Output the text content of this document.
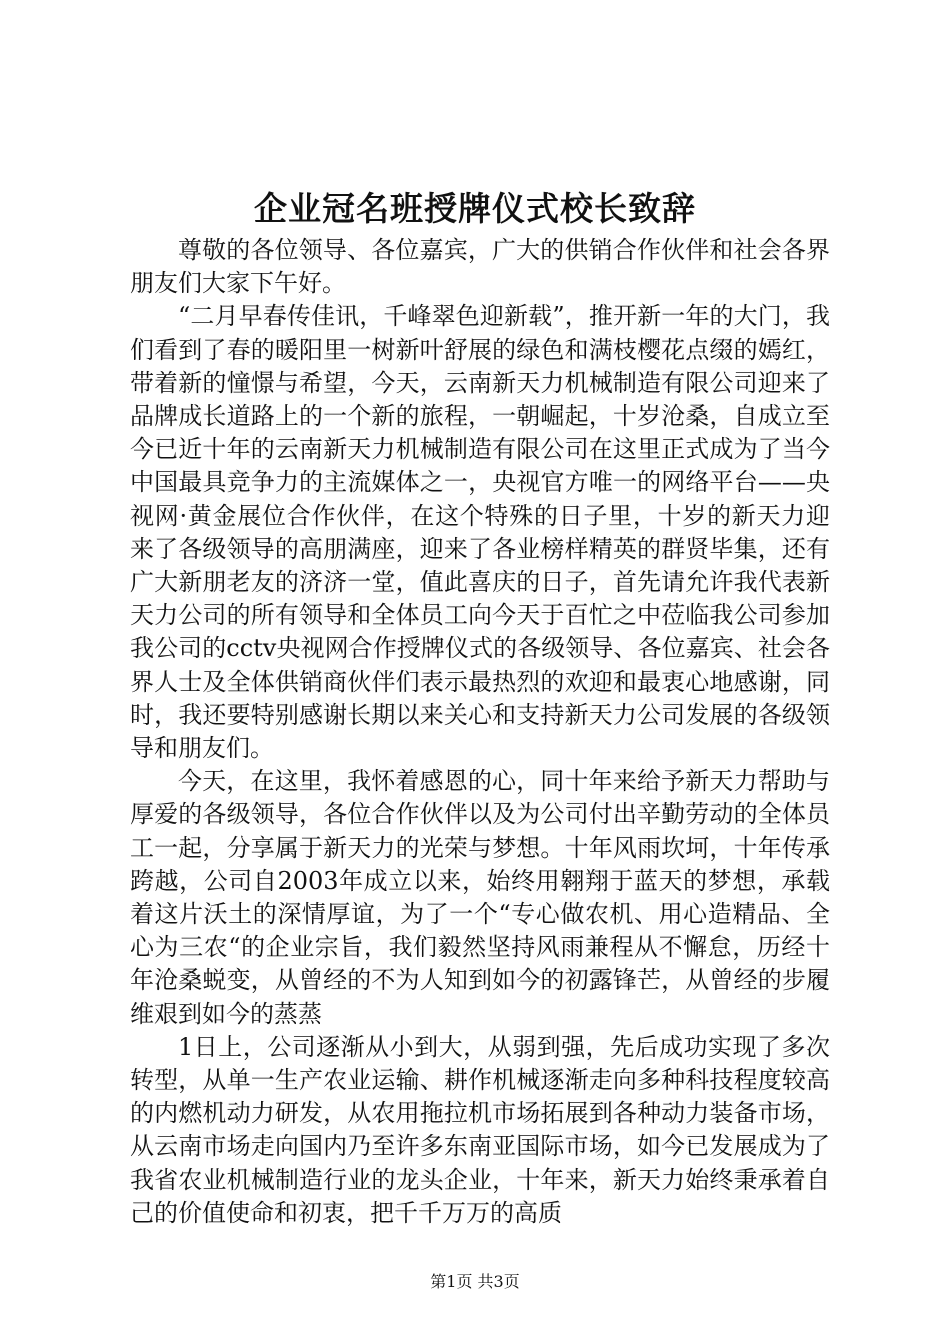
企业冠名班授牌仪式校长致辞

尊敬的各位领导、各位嘉宾，广大的供销合作伙伴和社会各界朋友们大家下午好。

“二月早春传佳讯，千峰翠色迎新载”，推开新一年的大门，我们看到了春的暖阳里一树新叶舒展的绿色和满枝樱花点缀的嫣红，带着新的憧憬与希望，今天，云南新天力机械制造有限公司迎来了品牌成长道路上的一个新的旅程，一朝崛起，十岁沧桑，自成立至今已近十年的云南新天力机械制造有限公司在这里正式成为了当今中国最具竞争力的主流媒体之一，央视官方唯一的网络平台——央视网·黄金展位合作伙伴，在这个特殊的日子里，十岁的新天力迎来了各级领导的高朋满座，迎来了各业榜样精英的群贤毕集，还有广大新朋老友的济济一堂，值此喜庆的日子，首先请允许我代表新天力公司的所有领导和全体员工向今天于百忙之中莅临我公司参加我公司的cctv央视网合作授牌仪式的各级领导、各位嘉宾、社会各界人士及全体供销商伙伴们表示最热烈的欢迎和最衷心地感谢，同时，我还要特别感谢长期以来关心和支持新天力公司发展的各级领导和朋友们。

今天，在这里，我怀着感恩的心，同十年来给予新天力帮助与厚爱的各级领导，各位合作伙伴以及为公司付出辛勤劳动的全体员工一起，分享属于新天力的光荣与梦想。十年风雨坎坷，十年传承跨越，公司自2003年成立以来，始终用翱翔于蓝天的梦想，承载着这片沃土的深情厚谊，为了一个“专心做农机、用心造精品、全心为三农“的企业宗旨，我们毅然坚持风雨兼程从不懈怠，历经十年沧桑蜕变，从曾经的不为人知到如今的初露锋芒，从曾经的步履维艰到如今的蒸蒸

1日上，公司逐渐从小到大，从弱到强，先后成功实现了多次转型，从单一生产农业运输、耕作机械逐渐走向多种科技程度较高的内燃机动力研发，从农用拖拉机市场拓展到各种动力装备市场，从云南市场走向国内乃至许多东南亚国际市场，如今已发展成为了我省农业机械制造行业的龙头企业，十年来，新天力始终秉承着自己的价值使命和初衷，把千千万万的高质

第1页 共3页
